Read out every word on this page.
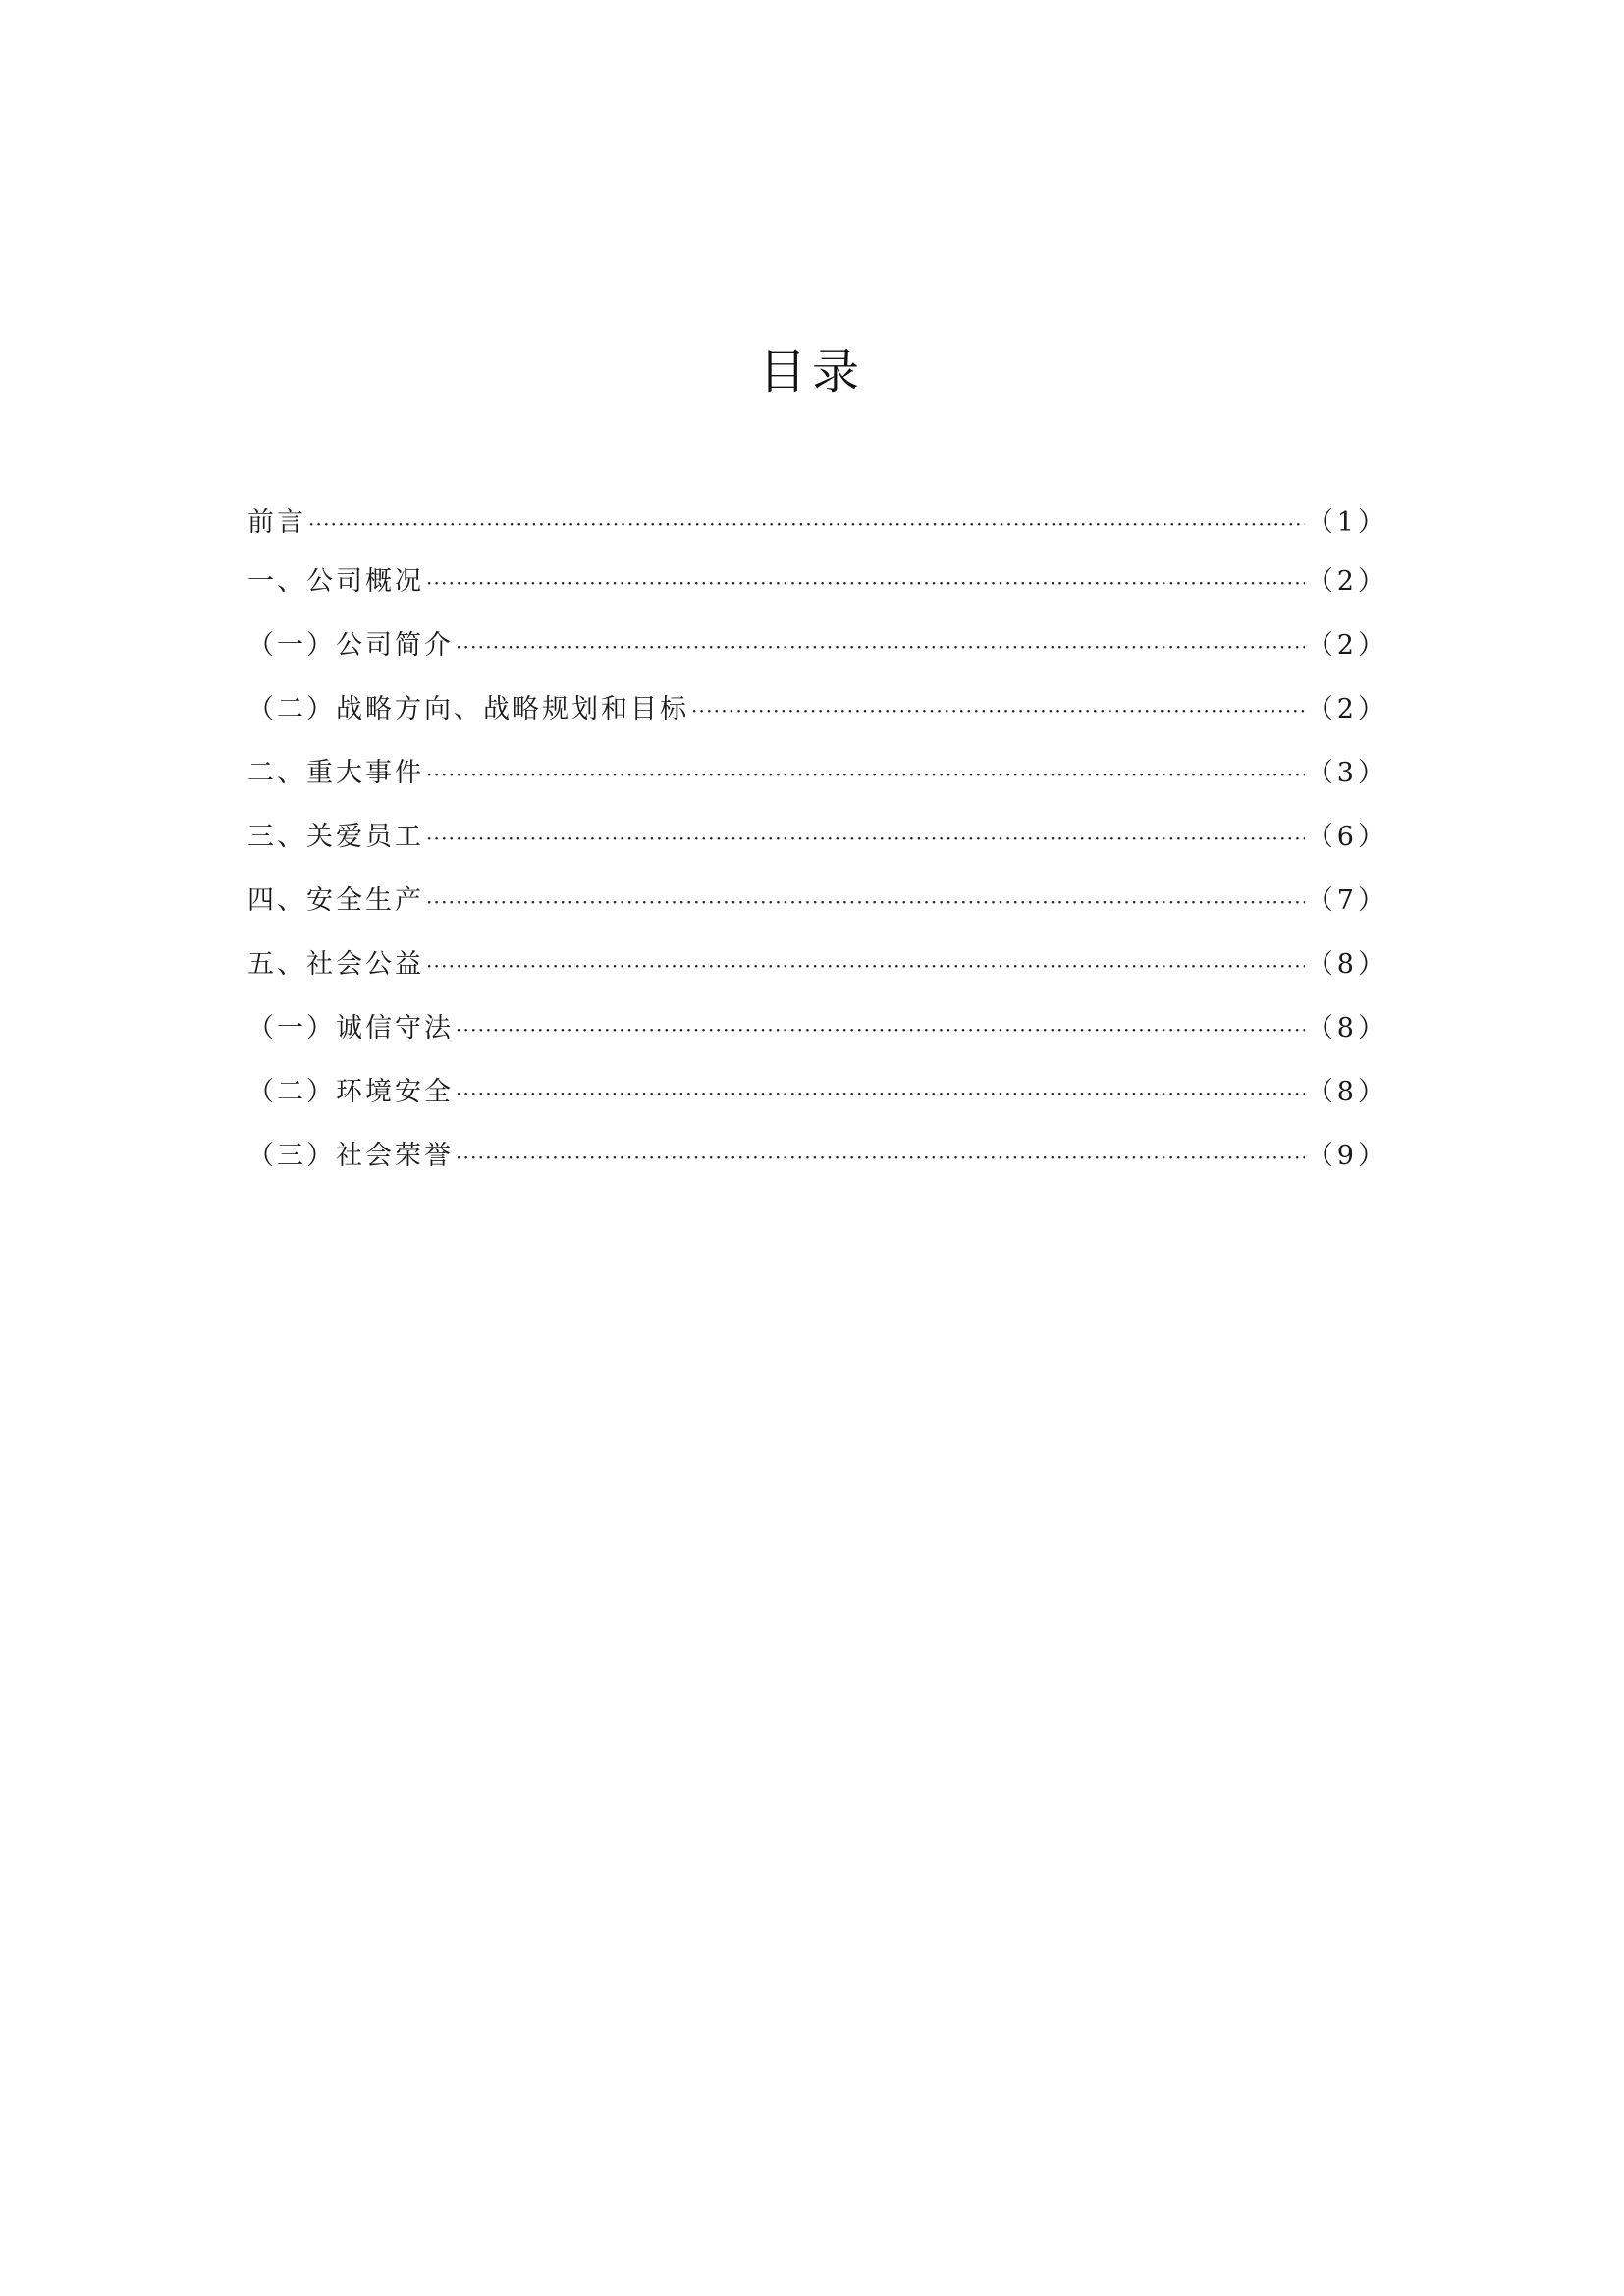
目录
前言 ·····	（1）
一、公司概况 ·····	（2）
（一）公司简介 ·····	（2）
（二）战略方向、战略规划和目标 ·····	（2）
二、重大事件 ·····	（3）
三、关爱员工 ·····	（6）
四、安全生产 ·····	（7）
五、社会公益 ·····	（8）
（一）诚信守法 ·····	（8）
（二）环境安全 ·····	（8）
（三）社会荣誉 ·····	（9）
